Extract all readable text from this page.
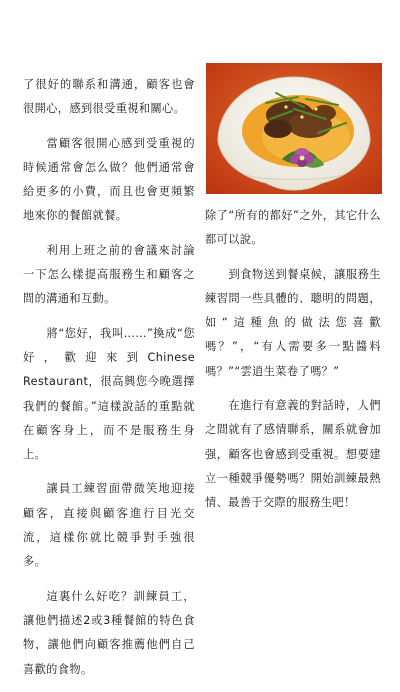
了很好的聯系和溝通，顧客也會很開心，感到很受重視和關心。

當顧客很開心感到受重視的時候通常會怎么做？他們通常會給更多的小費，而且也會更頻繁地來你的餐館就餐。

利用上班之前的會議來討論一下怎么樣提高服務生和顧客之間的溝通和互動。

將“您好，我叫……”換成“您好，歡迎來到Chinese Restaurant，很高興您今晚選擇我們的餐館。”這樣說話的重點就在顧客身上，而不是服務生身上。

讓員工練習面帶微笑地迎接顧客，直接與顧客進行目光交流，這樣你就比競爭對手強很多。

這裏什么好吃？訓練員工，讓他們描述2或3種餐館的特色食物，讓他們向顧客推薦他們自己喜歡的食物。

除了“所有的都好”之外，其它什么都可以說。

到食物送到餐桌候，讓服務生練習問一些具體的、聰明的問題，如“這種魚的做法您喜歡嗎？”，“有人需要多一點醬料嗎？”“雲逍生菜卷了嗎？”

在進行有意義的對話時，人們之間就有了感情聯系，關系就會加强，顧客也會感到受重視。想要建立一種競爭優勢嗎？開始訓練最熱情、最善于交際的服務生吧！
